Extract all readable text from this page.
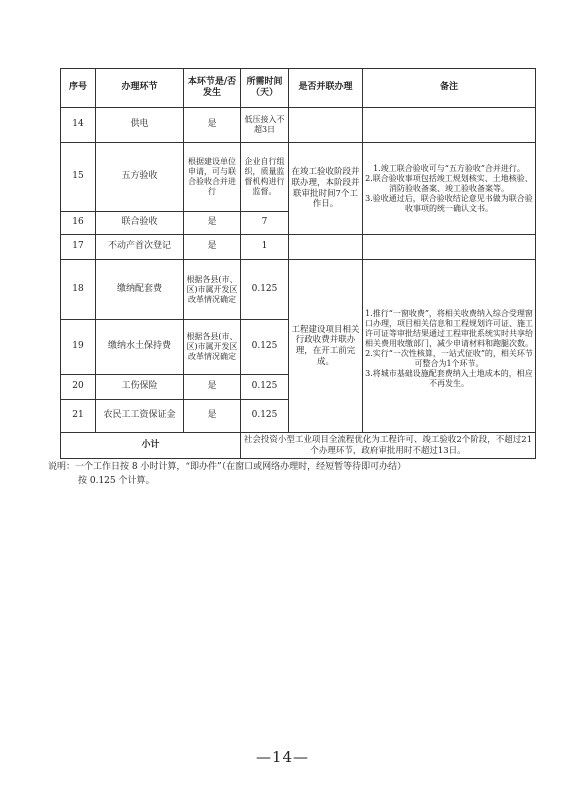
序号	办理环节	本环节是/否发生	所需时间（天）	是否并联办理	备注
14	供电	是	低压接入不超3日		
15	五方验收	根据建设单位申请，可与联合验收合并进行	企业自行组织，质量监督机构进行监督。	在竣工验收阶段并联办理，本阶段并联审批时间7个工作日。	1.竣工联合验收可与“五方验收”合并进行。
2.联合验收事项包括竣工规划核实、土地核验、消防验收备案、竣工验收备案等。
3.验收通过后，联合验收结论意见书做为联合验收事项的统一确认文书。

16	联合验收	是	7		
17	不动产首次登记	是	1		
18	缴纳配套费	根据各县(市、区)市属开发区改革情况确定	0.125	工程建设项目相关行政收费并联办理，在开工前完成。	1.推行“一窗收费”，将相关收费纳入综合受理窗口办理，项目相关信息和工程规划许可证、施工许可证等审批结果通过工程审批系统实时共享给相关费用收缴部门，减少申请材料和跑腿次数。
2.实行“一次性核算，一站式征收”的，相关环节可整合为1个环节。
3.将城市基础设施配套费纳入土地成本的，相应不再发生。

19	缴纳水土保持费	根据各县(市、区)市属开发区改革情况确定	0.125		
20	工伤保险	是	0.125		
21	农民工工资保证金	是	0.125		
小计			社会投资小型工业项目全流程优化为工程许可、竣工验收2个阶段，不超过21个办理环节，政府审批用时不超过13日。		
说明：一个工作日按 8 小时计算，“即办件”（在窗口或网络办理时，经短暂等待即可办结）
按 0.125 个计算。
—14—
